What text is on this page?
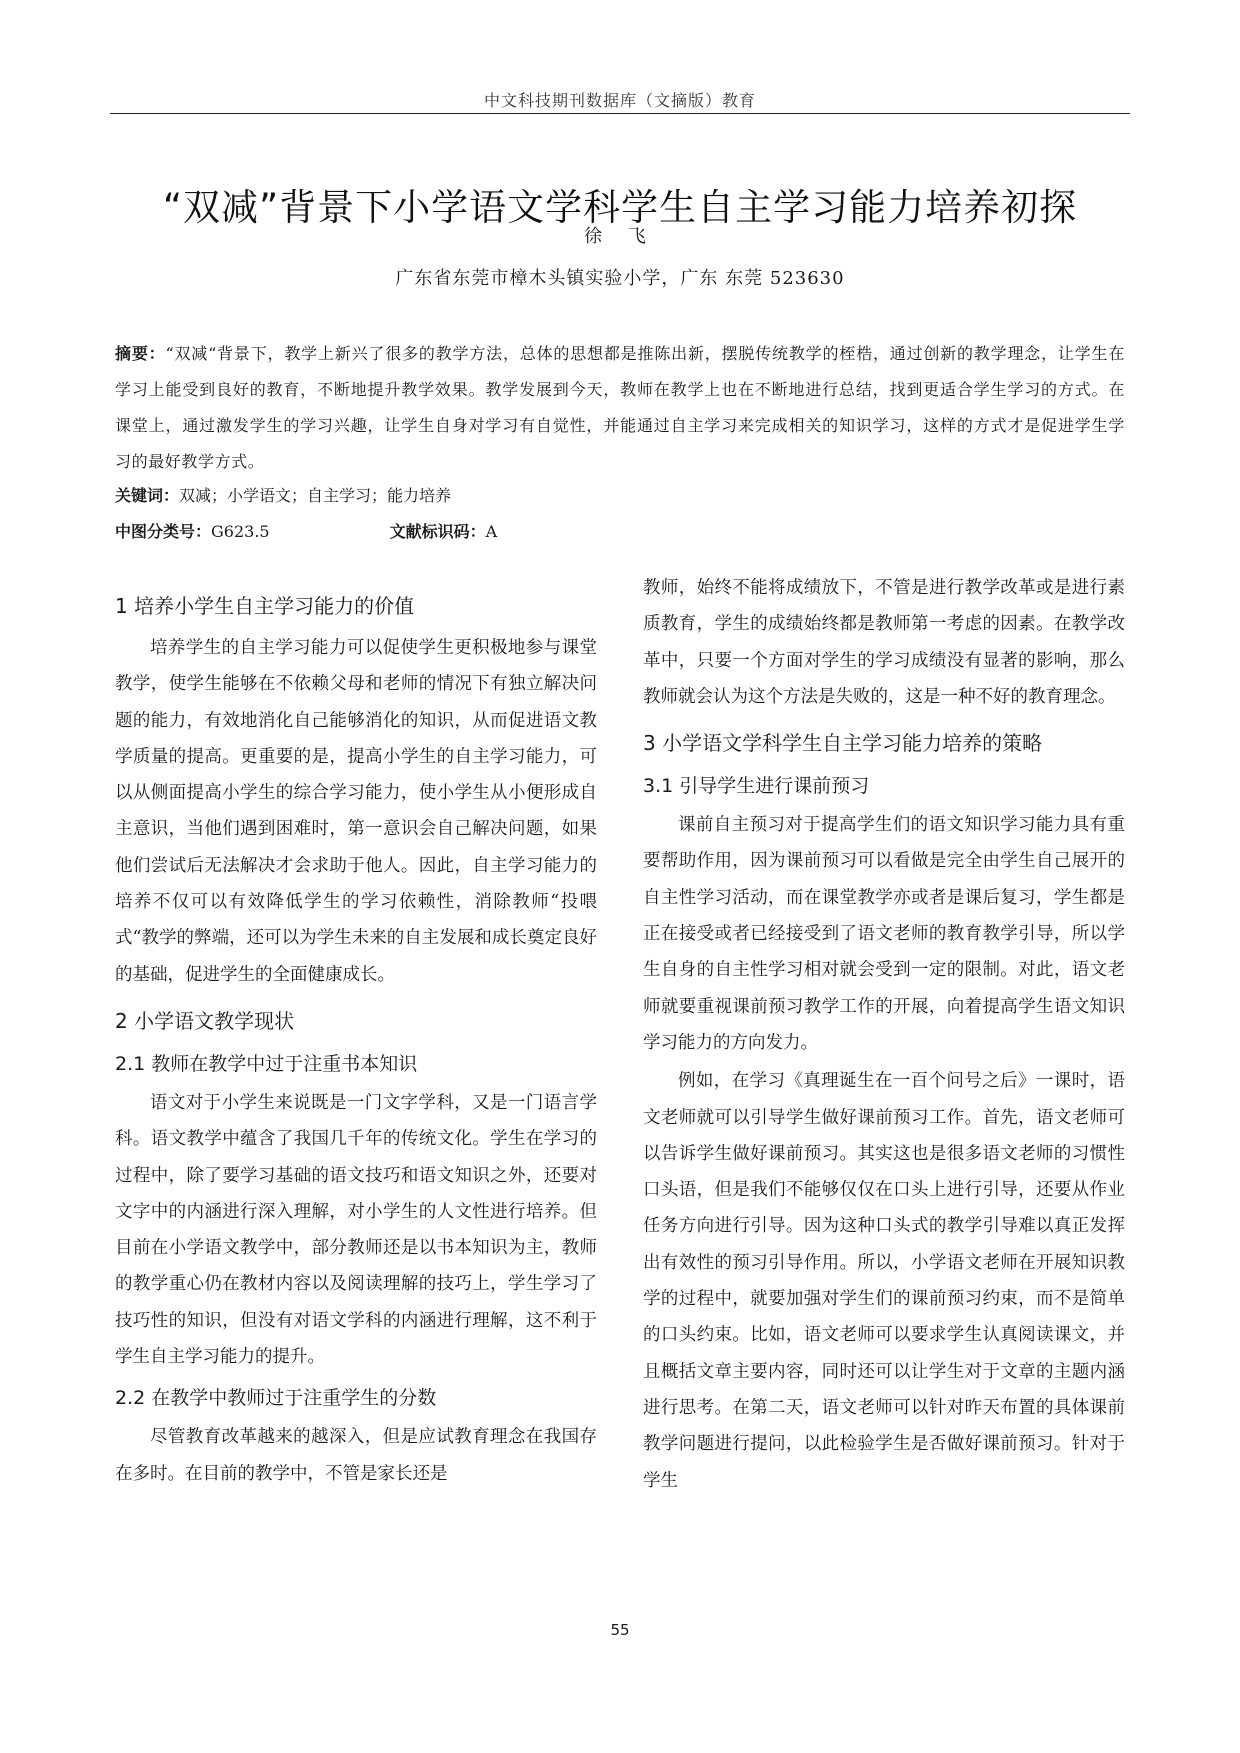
中文科技期刊数据库（文摘版）教育
“双减”背景下小学语文学科学生自主学习能力培养初探
徐 飞
广东省东莞市樟木头镇实验小学，广东 东莞 523630
摘要：“双减“背景下，教学上新兴了很多的教学方法，总体的思想都是推陈出新，摆脱传统教学的桎梏，通过创新的教学理念，让学生在学习上能受到良好的教育，不断地提升教学效果。教学发展到今天，教师在教学上也在不断地进行总结，找到更适合学生学习的方式。在课堂上，通过激发学生的学习兴趣，让学生自身对学习有自觉性，并能通过自主学习来完成相关的知识学习，这样的方式才是促进学生学习的最好教学方式。
关键词：双减；小学语文；自主学习；能力培养
中图分类号：G623.5	文献标识码：A
1 培养小学生自主学习能力的价值

培养学生的自主学习能力可以促使学生更积极地参与课堂教学，使学生能够在不依赖父母和老师的情况下有独立解决问题的能力，有效地消化自己能够消化的知识，从而促进语文教学质量的提高。更重要的是，提高小学生的自主学习能力，可以从侧面提高小学生的综合学习能力，使小学生从小便形成自主意识，当他们遇到困难时，第一意识会自己解决问题，如果他们尝试后无法解决才会求助于他人。因此，自主学习能力的培养不仅可以有效降低学生的学习依赖性，消除教师“投喂式“教学的弊端，还可以为学生未来的自主发展和成长奠定良好的基础，促进学生的全面健康成长。

2 小学语文教学现状
2.1 教师在教学中过于注重书本知识

语文对于小学生来说既是一门文字学科，又是一门语言学科。语文教学中蕴含了我国几千年的传统文化。学生在学习的过程中，除了要学习基础的语文技巧和语文知识之外，还要对文字中的内涵进行深入理解，对小学生的人文性进行培养。但目前在小学语文教学中，部分教师还是以书本知识为主，教师的教学重心仍在教材内容以及阅读理解的技巧上，学生学习了技巧性的知识，但没有对语文学科的内涵进行理解，这不利于学生自主学习能力的提升。

2.2 在教学中教师过于注重学生的分数

尽管教育改革越来的越深入，但是应试教育理念在我国存在多时。在目前的教学中，不管是家长还是

教师，始终不能将成绩放下，不管是进行教学改革或是进行素质教育，学生的成绩始终都是教师第一考虑的因素。在教学改革中，只要一个方面对学生的学习成绩没有显著的影响，那么教师就会认为这个方法是失败的，这是一种不好的教育理念。

3 小学语文学科学生自主学习能力培养的策略
3.1 引导学生进行课前预习

课前自主预习对于提高学生们的语文知识学习能力具有重要帮助作用，因为课前预习可以看做是完全由学生自己展开的自主性学习活动，而在课堂教学亦或者是课后复习，学生都是正在接受或者已经接受到了语文老师的教育教学引导，所以学生自身的自主性学习相对就会受到一定的限制。对此，语文老师就要重视课前预习教学工作的开展，向着提高学生语文知识学习能力的方向发力。

例如，在学习《真理诞生在一百个问号之后》一课时，语文老师就可以引导学生做好课前预习工作。首先，语文老师可以告诉学生做好课前预习。其实这也是很多语文老师的习惯性口头语，但是我们不能够仅仅在口头上进行引导，还要从作业任务方向进行引导。因为这种口头式的教学引导难以真正发挥出有效性的预习引导作用。所以，小学语文老师在开展知识教学的过程中，就要加强对学生们的课前预习约束，而不是简单的口头约束。比如，语文老师可以要求学生认真阅读课文，并且概括文章主要内容，同时还可以让学生对于文章的主题内涵进行思考。在第二天，语文老师可以针对昨天布置的具体课前教学问题进行提问，以此检验学生是否做好课前预习。针对于学生

55
